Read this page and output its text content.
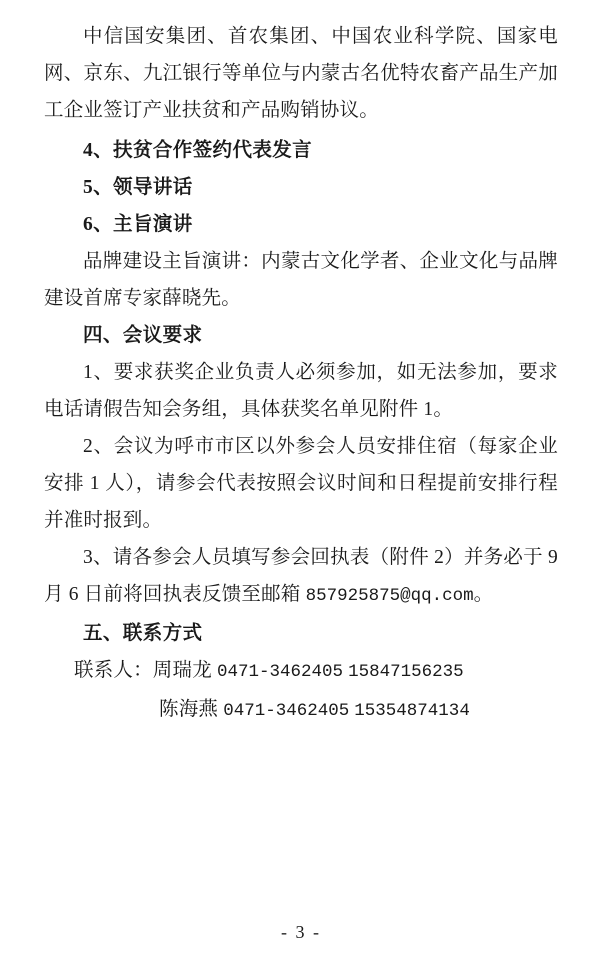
中信国安集团、首农集团、中国农业科学院、国家电网、京东、九江银行等单位与内蒙古名优特农畜产品生产加工企业签订产业扶贫和产品购销协议。

4、扶贫合作签约代表发言

5、领导讲话

6、主旨演讲

品牌建设主旨演讲：内蒙古文化学者、企业文化与品牌建设首席专家薛晓先。

四、会议要求

1、要求获奖企业负责人必须参加，如无法参加，要求电话请假告知会务组，具体获奖名单见附件 1。

2、会议为呼市市区以外参会人员安排住宿（每家企业安排 1 人），请参会代表按照会议时间和日程提前安排行程并准时报到。

3、请各参会人员填写参会回执表（附件 2）并务必于 9 月 6 日前将回执表反馈至邮箱 857925875@qq.com。

五、联系方式

联系人：周瑞龙 0471-3462405 15847156235

陈海燕 0471-3462405 15354874134

- 3 -
